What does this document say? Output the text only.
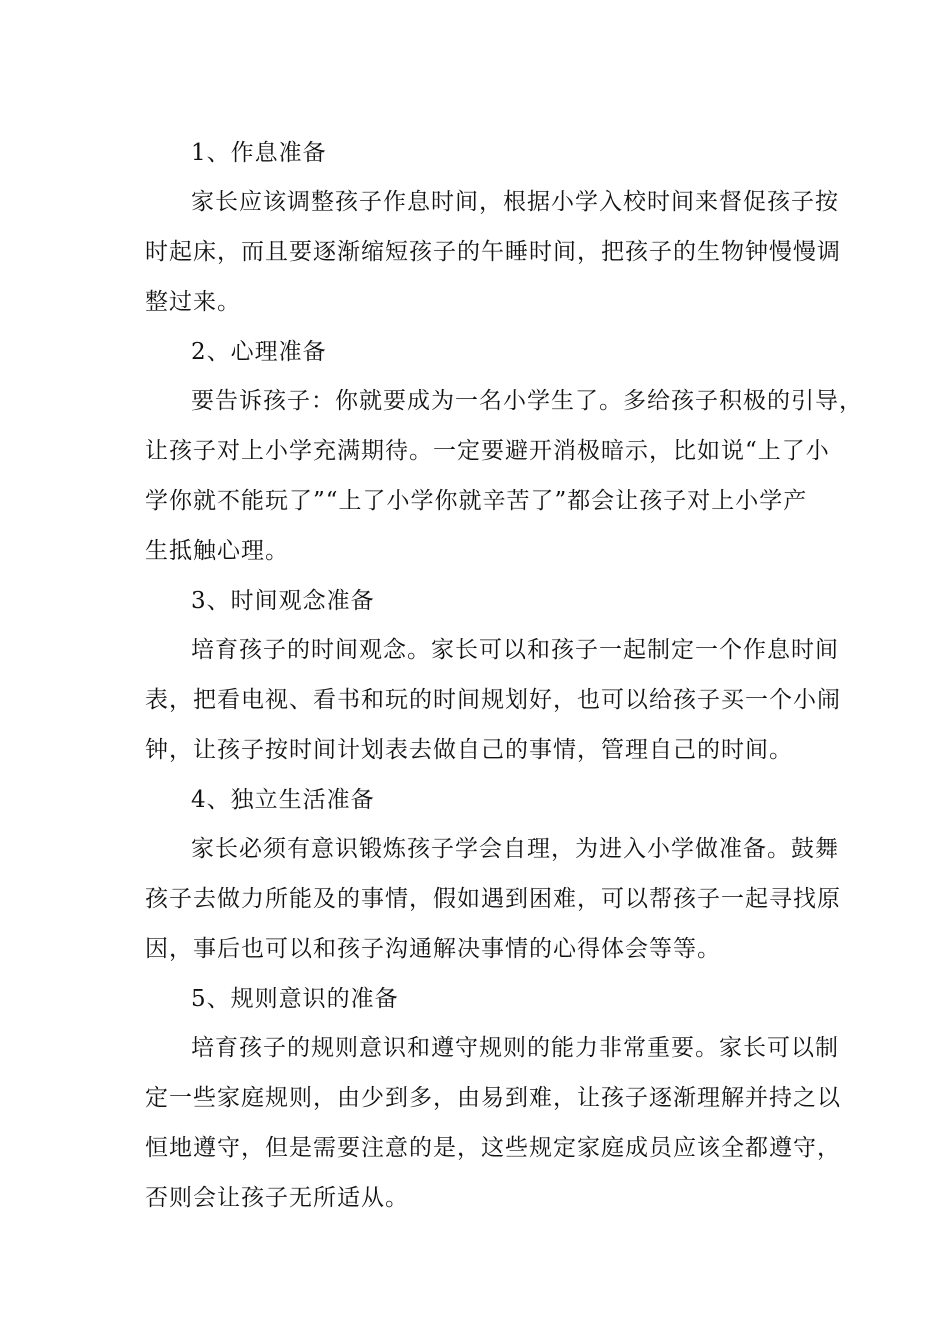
1、作息准备
家长应该调整孩子作息时间，根据小学入校时间来督促孩子按
时起床，而且要逐渐缩短孩子的午睡时间，把孩子的生物钟慢慢调
整过来。
2、心理准备
要告诉孩子：你就要成为一名小学生了。多给孩子积极的引导，
让孩子对上小学充满期待。一定要避开消极暗示，比如说“上了小
学你就不能玩了”“上了小学你就辛苦了”都会让孩子对上小学产
生抵触心理。
3、时间观念准备
培育孩子的时间观念。家长可以和孩子一起制定一个作息时间
表，把看电视、看书和玩的时间规划好，也可以给孩子买一个小闹
钟，让孩子按时间计划表去做自己的事情，管理自己的时间。
4、独立生活准备
家长必须有意识锻炼孩子学会自理，为进入小学做准备。鼓舞
孩子去做力所能及的事情，假如遇到困难，可以帮孩子一起寻找原
因，事后也可以和孩子沟通解决事情的心得体会等等。
5、规则意识的准备
培育孩子的规则意识和遵守规则的能力非常重要。家长可以制
定一些家庭规则，由少到多，由易到难，让孩子逐渐理解并持之以
恒地遵守，但是需要注意的是，这些规定家庭成员应该全都遵守，
否则会让孩子无所适从。
